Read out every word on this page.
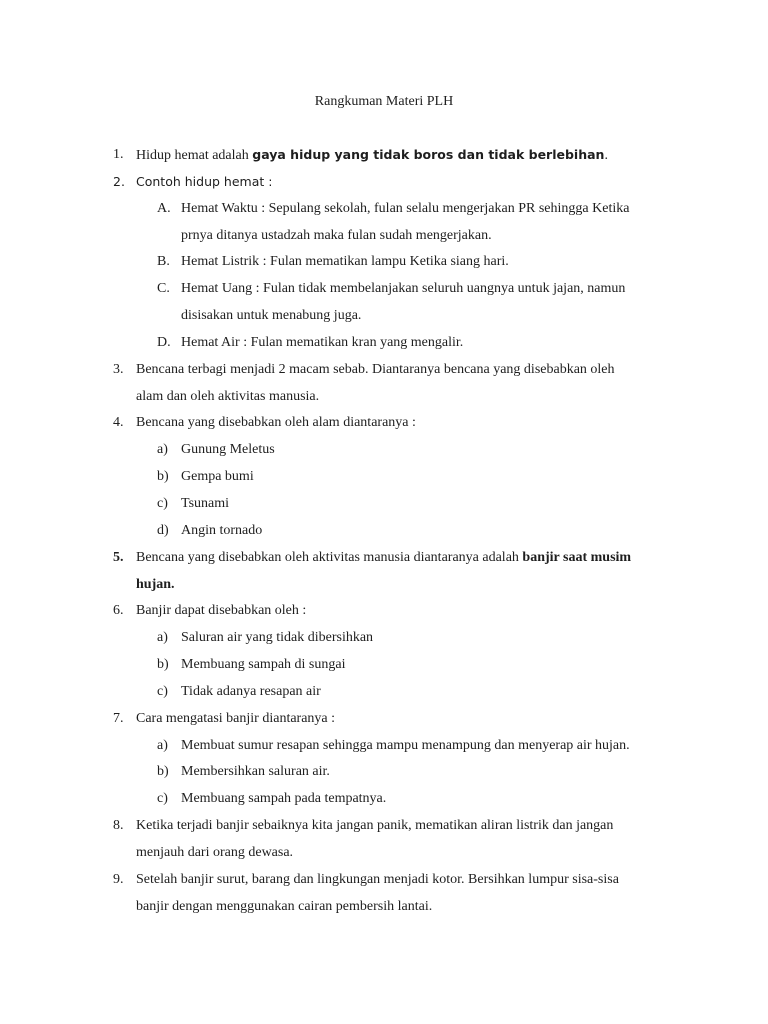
Rangkuman Materi PLH
1. Hidup hemat adalah gaya hidup yang tidak boros dan tidak berlebihan.
2. Contoh hidup hemat :
A. Hemat Waktu : Sepulang sekolah, fulan selalu mengerjakan PR sehingga Ketika
prnya ditanya ustadzah maka fulan sudah mengerjakan.
B. Hemat Listrik : Fulan mematikan lampu Ketika siang hari.
C. Hemat Uang : Fulan tidak membelanjakan seluruh uangnya untuk jajan, namun
disisakan untuk menabung juga.
D. Hemat Air : Fulan mematikan kran yang mengalir.
3. Bencana terbagi menjadi 2 macam sebab. Diantaranya bencana yang disebabkan oleh
alam dan oleh aktivitas manusia.
4. Bencana yang disebabkan oleh alam diantaranya :
a) Gunung Meletus
b) Gempa bumi
c) Tsunami
d) Angin tornado
5. Bencana yang disebabkan oleh aktivitas manusia diantaranya adalah banjir saat musim
hujan.
6. Banjir dapat disebabkan oleh :
a) Saluran air yang tidak dibersihkan
b) Membuang sampah di sungai
c) Tidak adanya resapan air
7. Cara mengatasi banjir diantaranya :
a) Membuat sumur resapan sehingga mampu menampung dan menyerap air hujan.
b) Membersihkan saluran air.
c) Membuang sampah pada tempatnya.
8. Ketika terjadi banjir sebaiknya kita jangan panik, mematikan aliran listrik dan jangan
menjauh dari orang dewasa.
9. Setelah banjir surut, barang dan lingkungan menjadi kotor. Bersihkan lumpur sisa-sisa
banjir dengan menggunakan cairan pembersih lantai.
